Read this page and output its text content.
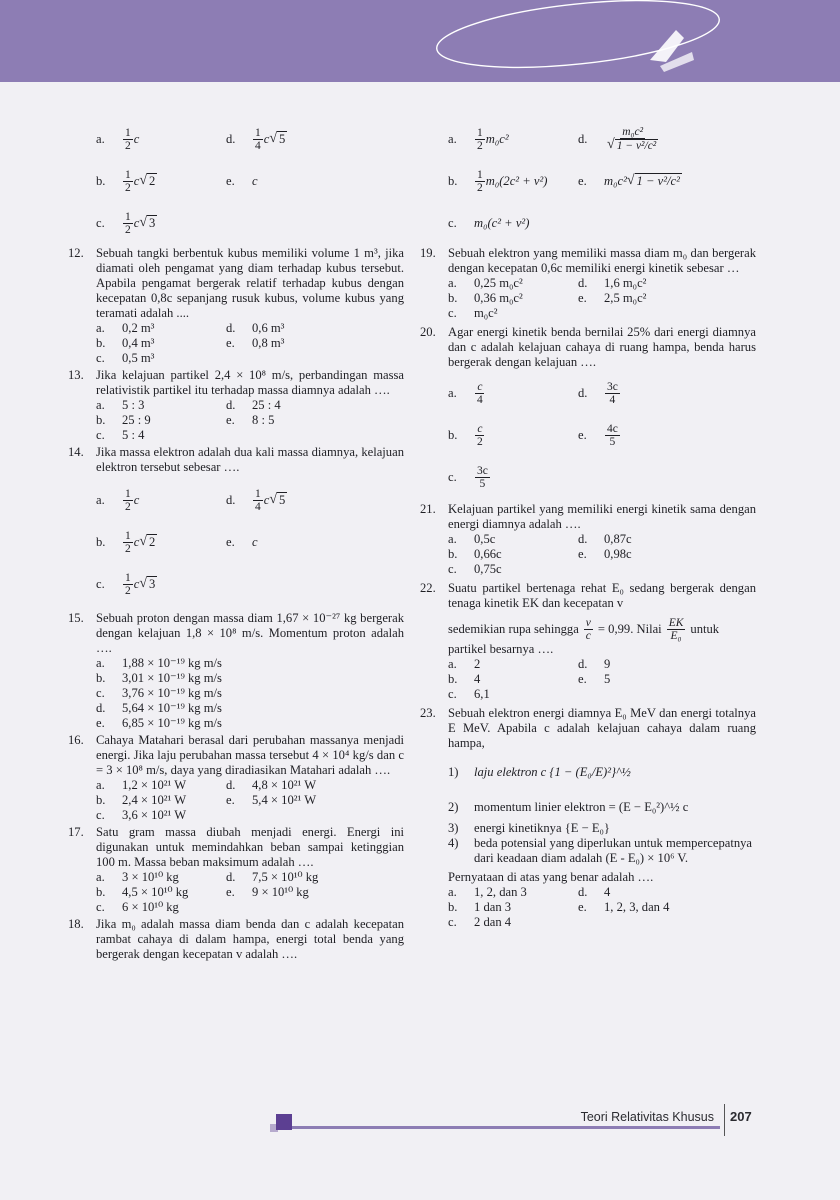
a.	$\frac{1}{2}$ c	d.	$\frac{1}{4}$ c √ 5
b.	$\frac{1}{2}$ c √ 2	e.	c
c.	$\frac{1}{2}$ c √ 3
12. Sebuah tangki berbentuk kubus memiliki volume 1 m³, jika diamati oleh pengamat yang diam terhadap kubus tersebut. Apabila pengamat bergerak relatif terhadap kubus dengan kecepatan 0,8c sepanjang rusuk kubus, volume kubus yang teramati adalah ....
a.	0,2 m³	d.	0,6 m³
b.	0,4 m³	e.	0,8 m³
c.	0,5 m³
13. Jika kelajuan partikel 2,4 × 10⁸ m/s, perbandingan massa relativistik partikel itu terhadap massa diamnya adalah ….
a.	5 : 3	d.	25 : 4
b.	25 : 9	e.	8 : 5
c.	5 : 4
14. Jika massa elektron adalah dua kali massa diamnya, kelajuan elektron tersebut sebesar ….
a.	$\frac{1}{2}$ c	d.	$\frac{1}{4}$ c √ 5
b.	$\frac{1}{2}$ c √ 2	e.	c
c.	$\frac{1}{2}$ c √ 3
15. Sebuah proton dengan massa diam 1,67 × 10⁻²⁷ kg bergerak dengan kelajuan 1,8 × 10⁸ m/s. Momentum proton adalah ….
a.	1,88 × 10⁻¹⁹ kg m/s
b.	3,01 × 10⁻¹⁹ kg m/s
c.	3,76 × 10⁻¹⁹ kg m/s
d.	5,64 × 10⁻¹⁹ kg m/s
e.	6,85 × 10⁻¹⁹ kg m/s
16. Cahaya Matahari berasal dari perubahan massanya menjadi energi. Jika laju perubahan massa tersebut 4 × 10⁴ kg/s dan c = 3 × 10⁸ m/s, daya yang diradiasikan Matahari adalah ….
a.	1,2 × 10²¹ W	d.	4,8 × 10²¹ W
b.	2,4 × 10²¹ W	e.	5,4 × 10²¹ W
c.	3,6 × 10²¹ W
17. Satu gram massa diubah menjadi energi. Energi ini digunakan untuk memindahkan beban sampai ketinggian 100 m. Massa beban maksimum adalah ….
a.	3 × 10¹⁰ kg	d.	7,5 × 10¹⁰ kg
b.	4,5 × 10¹⁰ kg	e.	9 × 10¹⁰ kg
c.	6 × 10¹⁰ kg
18. Jika m₀ adalah massa diam benda dan c adalah kecepatan rambat cahaya di dalam hampa, energi total benda yang bergerak dengan kecepatan v adalah ….
a.	$\frac{1}{2} m_0c^2$	d.	$\frac{\text{m₀c²}}{\text{√ 1 − v²/c²}}$
b.	$\frac{1}{2} m_0(2c^2 + v^2)$ e.	m₀c² √ 1 − v²/c²
c.	m₀(c² + v²)
19. Sebuah elektron yang memiliki massa diam m₀ dan bergerak dengan kecepatan 0,6c memiliki energi kinetik sebesar …
a.	0,25 m₀c²	d.	1,6 m₀c²
b.	0,36 m₀c²	e.	2,5 m₀c²
c.	m₀c²
20. Agar energi kinetik benda bernilai 25% dari energi diamnya dan c adalah kelajuan cahaya di ruang hampa, benda harus bergerak dengan kelajuan ….
a.	$\frac{c}{4}$	d.	$\frac{3c}{4}$
b.	$\frac{c}{2}$	e.	$\frac{4c}{5}$
c.	$\frac{3c}{5}$
21. Kelajuan partikel yang memiliki energi kinetik sama dengan energi diamnya adalah ….
a.	0,5c	d.	0,87c
b.	0,66c	e.	0,98c
c.	0,75c
22. Suatu partikel bertenaga rehat E₀ sedang bergerak dengan tenaga kinetik EK dan kecepatan v
sedemikian rupa sehingga $\frac{v}{c} = 0,99$. Nilai $\frac{EK}{\text{E₀}}$ untuk
partikel besarnya ….
a.	2	d.	9
b.	4	e.	5
c.	6,1
23. Sebuah elektron energi diamnya E₀ MeV dan energi totalnya E MeV. Apabila c adalah kelajuan cahaya dalam ruang hampa,
1) laju elektron c {1 − (E₀/E)²}^½
2) momentum linier elektron = (E − E₀²)^½ c
3) energi kinetiknya {E − E₀}
4) beda potensial yang diperlukan untuk mempercepatnya dari keadaan diam adalah (E - E₀) × 10⁶ V.
Pernyataan di atas yang benar adalah ….
a.	1, 2, dan 3	d.	4
b.	1 dan 3	e.	1, 2, 3, dan 4
c.	2 dan 4
Teori Relativitas Khusus 207
